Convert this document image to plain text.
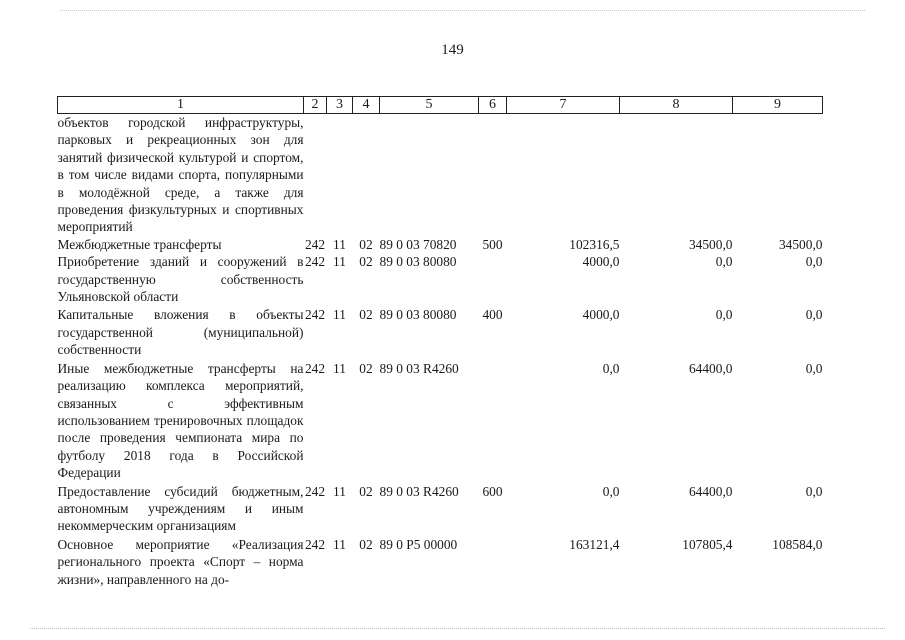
149
1	2	3	4	5	6	7	8	9
объектов городской инфраструктуры, парковых и рекреационных зон для занятий физической культурой и спортом, в том числе видами спорта, популярными в молодёжной среде, а также для проведения физкультурных и спортивных мероприятий								
Межбюджетные трансферты	242	11	02	89 0 03 70820	500	102316,5	34500,0	34500,0
Приобретение зданий и сооружений в государственную собственность Ульяновской области	242	11	02	89 0 03 80080		4000,0	0,0	0,0
Капитальные вложения в объекты государственной (муниципальной) собственности	242	11	02	89 0 03 80080	400	4000,0	0,0	0,0
Иные межбюджетные трансферты на реализацию комплекса мероприятий, связанных с эффективным использованием тренировочных площадок после проведения чемпионата мира по футболу 2018 года в Российской Федерации	242	11	02	89 0 03 R4260		0,0	64400,0	0,0
Предоставление субсидий бюджетным, автономным учреждениям и иным некоммерческим организациям	242	11	02	89 0 03 R4260	600	0,0	64400,0	0,0
Основное мероприятие «Реализация регионального проекта «Спорт – норма жизни», направленного на до-	242	11	02	89 0 P5 00000		163121,4	107805,4	108584,0
